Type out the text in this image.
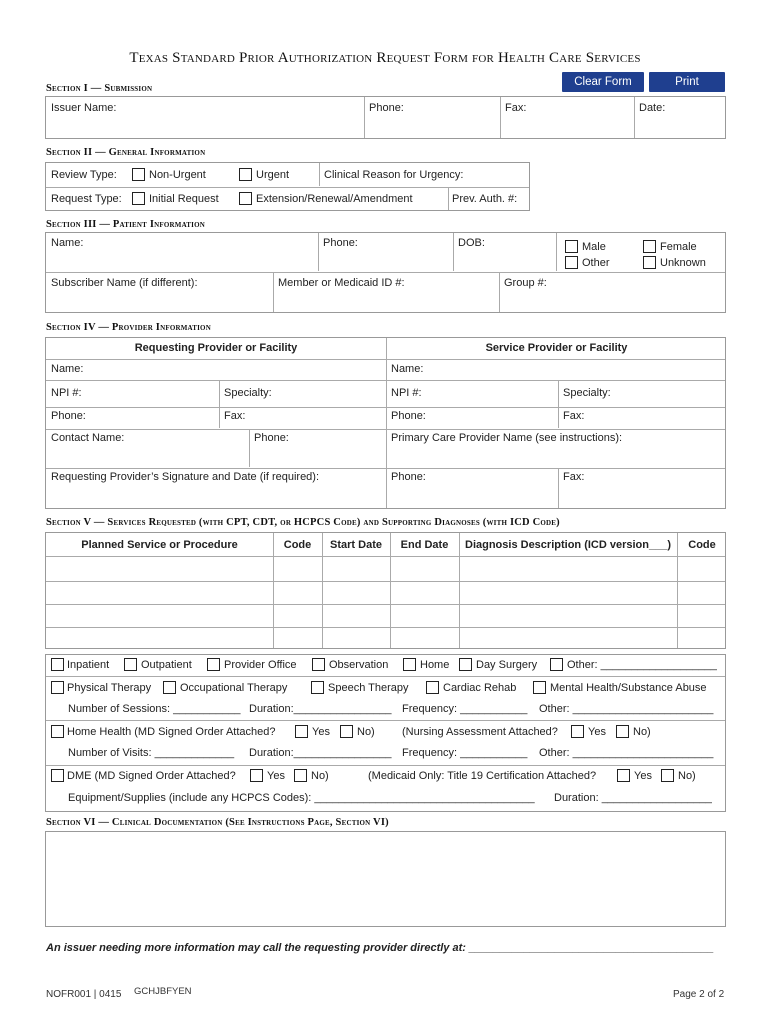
Texas Standard Prior Authorization Request Form for Health Care Services
Clear Form	Print
Section I — Submission
Issuer Name:	Phone:	Fax:	Date:
Section II — General Information
Review Type:	Non-Urgent	Urgent	Clinical Reason for Urgency:
Request Type: Initial Request	Extension/Renewal/Amendment	Prev. Auth. #:
Section III — Patient Information
Name:	Phone:	DOB:	Male	Female
Other	Unknown
Subscriber Name (if different):	Member or Medicaid ID #:	Group #:
Section IV — Provider Information
Requesting Provider or Facility	Service Provider or Facility
Name:	Name:
NPI #:	Specialty:	NPI #:	Specialty:
Phone:	Fax:	Phone:	Fax:
Contact Name:	Phone:	Primary Care Provider Name (see instructions):
Requesting Provider’s Signature and Date (if required):	Phone:	Fax:
Section V — Services Requested (with CPT, CDT, or HCPCS Code) and Supporting Diagnoses (with ICD Code)
Planned Service or Procedure	Code	Start Date	End Date	Diagnosis Description (ICD version___)	Code
Inpatient	Outpatient	Provider Office	Observation	Home Day Surgery	Other: ___________________
Physical Therapy	Occupational Therapy	Speech Therapy	Cardiac Rehab	Mental Health/Substance Abuse
Number of Sessions: ___________ Duration:________________ Frequency: ___________ Other: _______________________
Home Health (MD Signed Order Attached?	Yes No) (Nursing Assessment Attached?	Yes No)
Number of Visits: _____________ Duration:________________ Frequency: ___________ Other: _______________________
DME (MD Signed Order Attached?	Yes No)	(Medicaid Only: Title 19 Certification Attached?	Yes No)
Equipment/Supplies (include any HCPCS Codes): ____________________________________ Duration: __________________
Section VI — Clinical Documentation (See Instructions Page, Section VI)
An issuer needing more information may call the requesting provider directly at: ________________________________________
NOFR001 | 0415 GCHJBFYEN	Page 2 of 2
